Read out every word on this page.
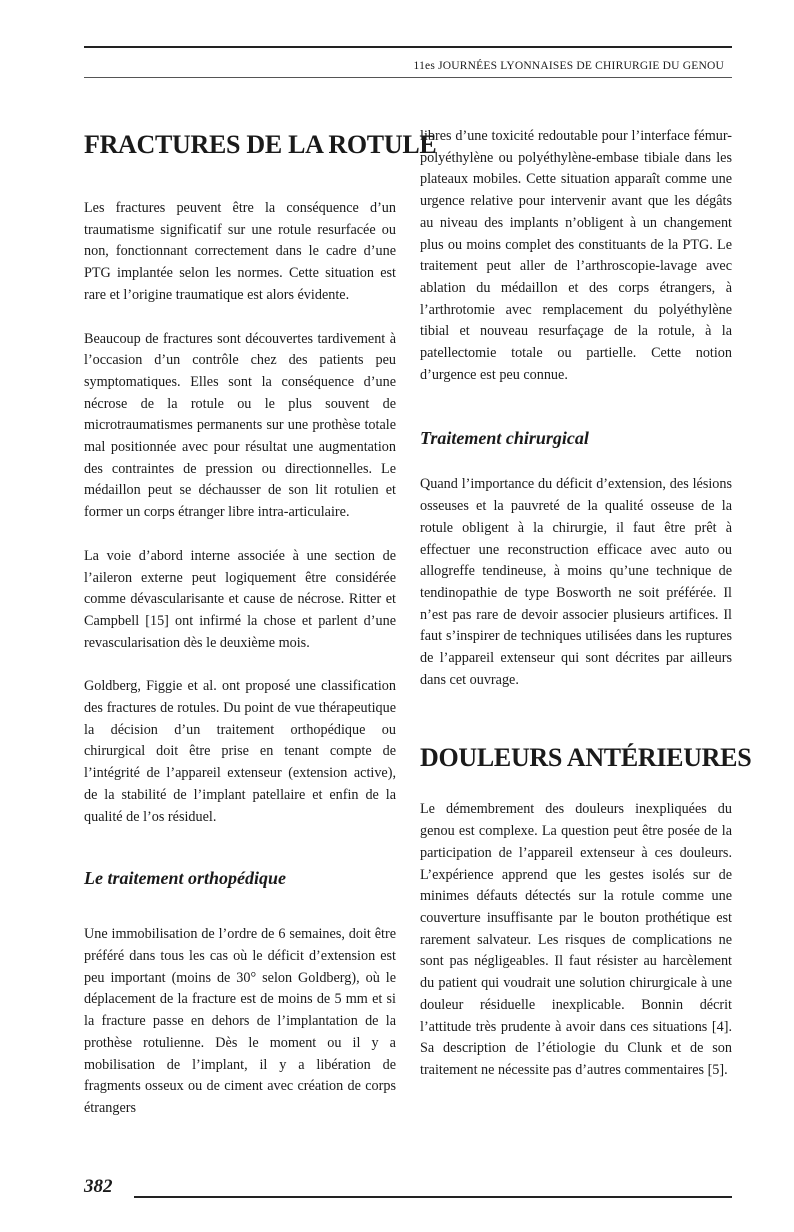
11es JOURNÉES LYONNAISES DE CHIRURGIE DU GENOU
FRACTURES DE LA ROTULE

Les fractures peuvent être la conséquence d’un traumatisme significatif sur une rotule resurfacée ou non, fonctionnant correctement dans le cadre d’une PTG implantée selon les normes. Cette situation est rare et l’origine traumatique est alors évidente.

Beaucoup de fractures sont découvertes tardivement à l’occasion d’un contrôle chez des patients peu symptomatiques. Elles sont la conséquence d’une nécrose de la rotule ou le plus souvent de microtraumatismes permanents sur une prothèse totale mal positionnée avec pour résultat une augmentation des contraintes de pression ou directionnelles. Le médaillon peut se déchausser de son lit rotulien et former un corps étranger libre intra-articulaire.

La voie d’abord interne associée à une section de l’aileron externe peut logiquement être considérée comme dévascularisante et cause de nécrose. Ritter et Campbell [15] ont infirmé la chose et parlent d’une revascularisation dès le deuxième mois.

Goldberg, Figgie et al. ont proposé une classification des fractures de rotules. Du point de vue thérapeutique la décision d’un traitement orthopédique ou chirurgical doit être prise en tenant compte de l’intégrité de l’appareil extenseur (extension active), de la stabilité de l’implant patellaire et enfin de la qualité de l’os résiduel.

Le traitement orthopédique

Une immobilisation de l’ordre de 6 semaines, doit être préféré dans tous les cas où le déficit d’extension est peu important (moins de 30° selon Goldberg), où le déplacement de la fracture est de moins de 5 mm et si la fracture passe en dehors de l’implantation de la prothèse rotulienne. Dès le moment ou il y a mobilisation de l’implant, il y a libération de fragments osseux ou de ciment avec création de corps étrangers

libres d’une toxicité redoutable pour l’interface fémur-polyéthylène ou polyéthylène-embase tibiale dans les plateaux mobiles. Cette situation apparaît comme une urgence relative pour intervenir avant que les dégâts au niveau des implants n’obligent à un changement plus ou moins complet des constituants de la PTG. Le traitement peut aller de l’arthroscopie-lavage avec ablation du médaillon et des corps étrangers, à l’arthrotomie avec remplacement du polyéthylène tibial et nouveau resurfaçage de la rotule, à la patellectomie totale ou partielle. Cette notion d’urgence est peu connue.

Traitement chirurgical

Quand l’importance du déficit d’extension, des lésions osseuses et la pauvreté de la qualité osseuse de la rotule obligent à la chirurgie, il faut être prêt à effectuer une reconstruction efficace avec auto ou allogreffe tendineuse, à moins qu’une technique de tendinopathie de type Bosworth ne soit préférée. Il n’est pas rare de devoir associer plusieurs artifices. Il faut s’inspirer de techniques utilisées dans les ruptures de l’appareil extenseur qui sont décrites par ailleurs dans cet ouvrage.

DOULEURS ANTÉRIEURES

Le démembrement des douleurs inexpliquées du genou est complexe. La question peut être posée de la participation de l’appareil extenseur à ces douleurs. L’expérience apprend que les gestes isolés sur de minimes défauts détectés sur la rotule comme une couverture insuffisante par le bouton prothétique est rarement salvateur. Les risques de complications ne sont pas négligeables. Il faut résister au harcèlement du patient qui voudrait une solution chirurgicale à une douleur résiduelle inexplicable. Bonnin décrit l’attitude très prudente à avoir dans ces situations [4]. Sa description de l’étiologie du Clunk et de son traitement ne nécessite pas d’autres commentaires [5].

382
